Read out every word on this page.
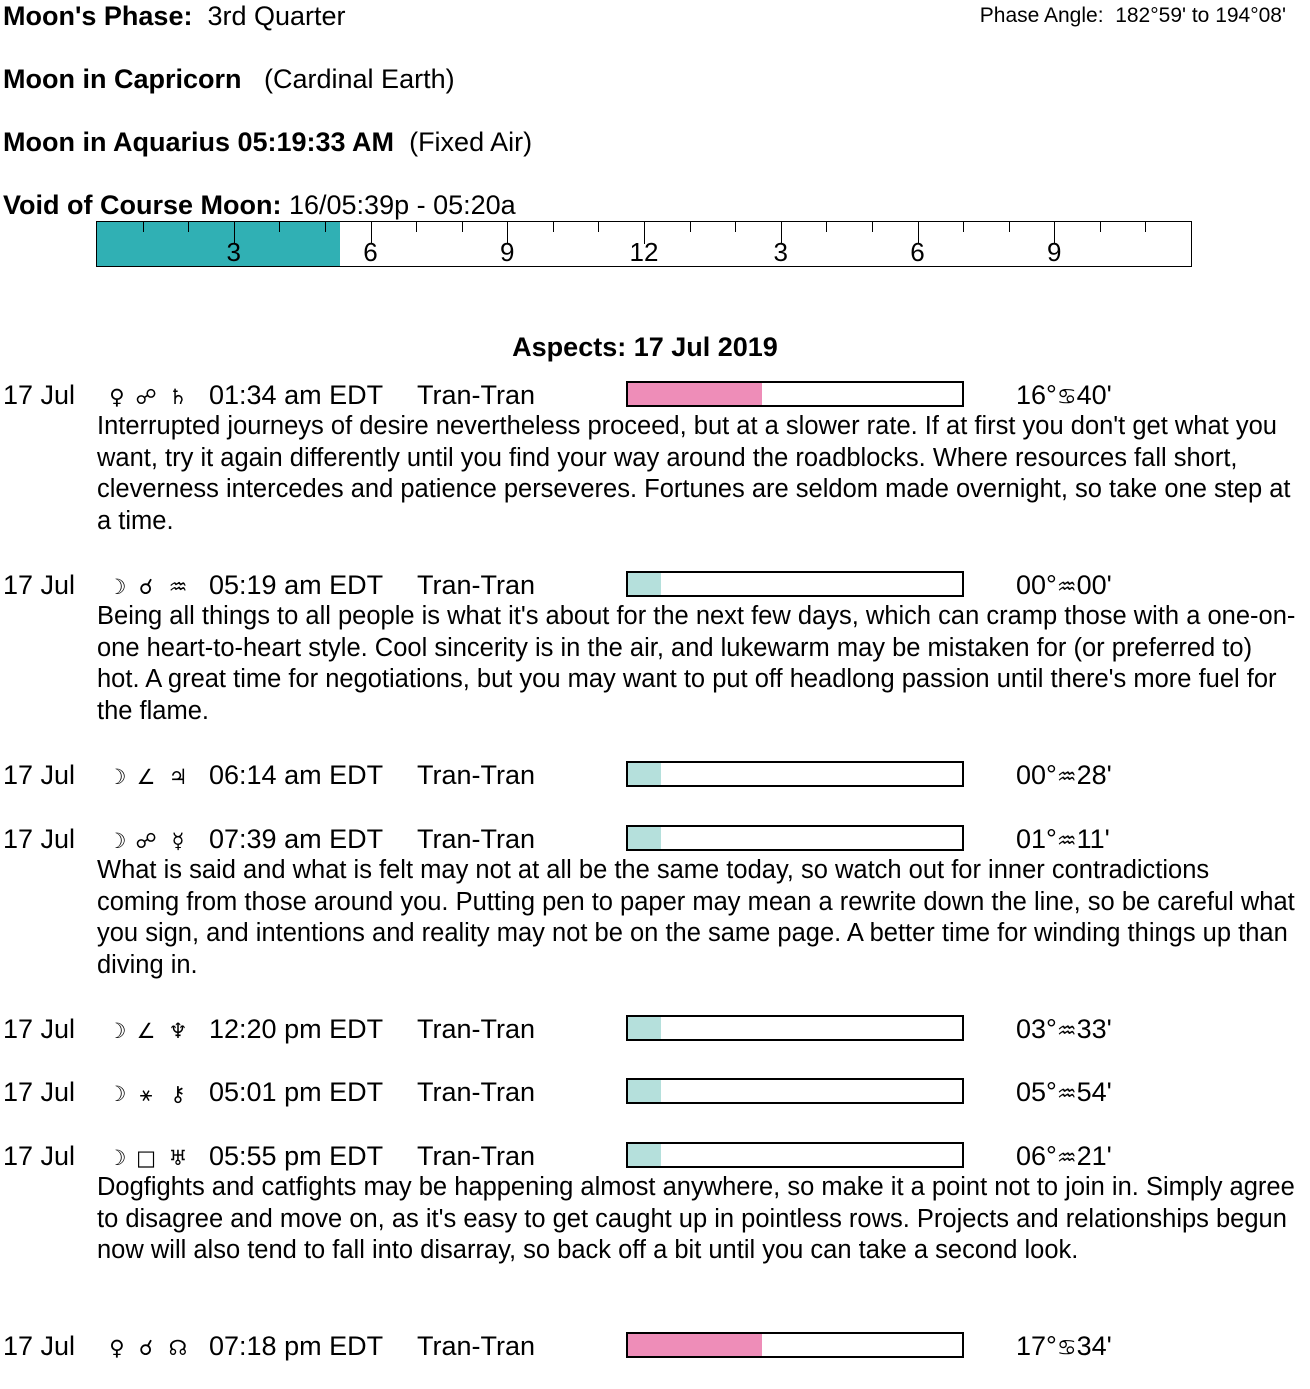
Moon's Phase: 3rd Quarter	Phase Angle: 182°59' to 194°08'
Moon in Capricorn (Cardinal Earth)
Moon in Aquarius 05:19:33 AM (Fixed Air)
Void of Course Moon: 16/05:39p - 05:20a
3	6	9	12	3	6	9
Aspects: 17 Jul 2019
17 Jul ♀ ☍ ♄ 01:34 am EDT Tran-Tran	16°♋40'
Interrupted journeys of desire nevertheless proceed, but at a slower rate. If at first you don't get what you want, try it again differently until you find your way around the roadblocks. Where resources fall short, cleverness intercedes and patience perseveres. Fortunes are seldom made overnight, so take one step at a time.
17 Jul ☽ ☌ ♒ 05:19 am EDT Tran-Tran	00°♒00'
Being all things to all people is what it's about for the next few days, which can cramp those with a one-on-one heart-to-heart style. Cool sincerity is in the air, and lukewarm may be mistaken for (or preferred to) hot. A great time for negotiations, but you may want to put off headlong passion until there's more fuel for the flame.
17 Jul ☽ ∠ ♃ 06:14 am EDT Tran-Tran	00°♒28'
17 Jul ☽ ☍ ☿ 07:39 am EDT Tran-Tran	01°♒11'
What is said and what is felt may not at all be the same today, so watch out for inner contradictions coming from those around you. Putting pen to paper may mean a rewrite down the line, so be careful what you sign, and intentions and reality may not be on the same page. A better time for winding things up than diving in.
17 Jul ☽ ∠ ♆ 12:20 pm EDT Tran-Tran	03°♒33'
17 Jul ☽ ⚹ ⚷ 05:01 pm EDT Tran-Tran	05°♒54'
17 Jul ☽ □ ♅ 05:55 pm EDT Tran-Tran	06°♒21'
Dogfights and catfights may be happening almost anywhere, so make it a point not to join in. Simply agree to disagree and move on, as it's easy to get caught up in pointless rows. Projects and relationships begun now will also tend to fall into disarray, so back off a bit until you can take a second look.
17 Jul ♀ ☌ ☊ 07:18 pm EDT Tran-Tran	17°♋34'
